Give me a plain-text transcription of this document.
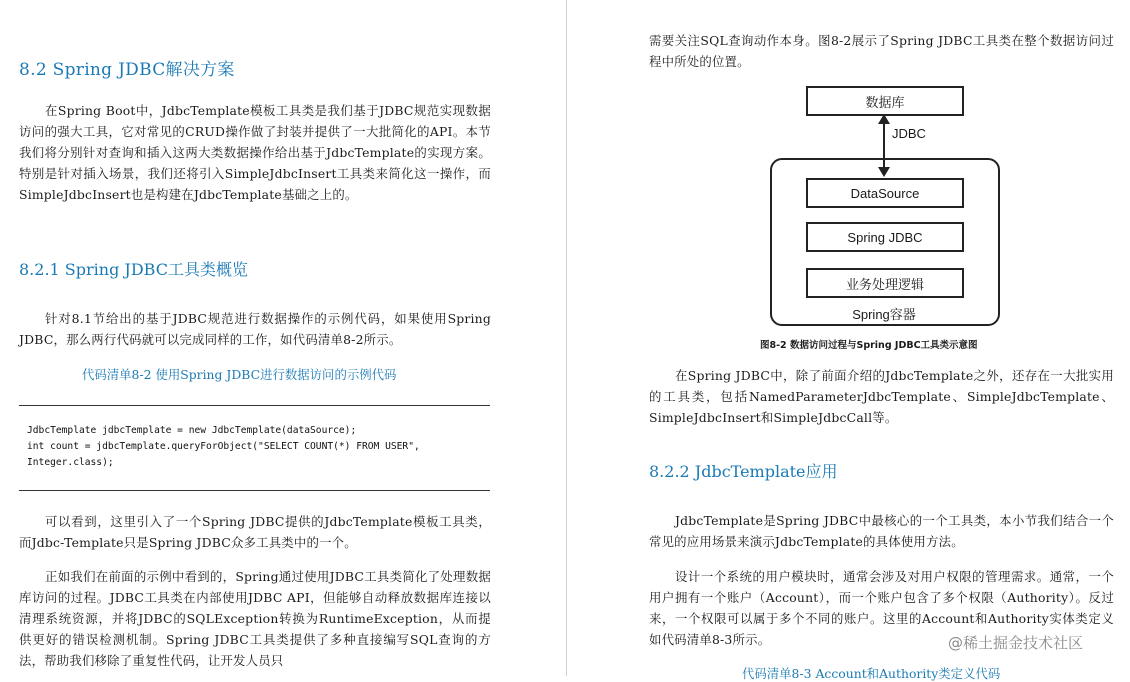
8.2 Spring JDBC解决方案
在Spring Boot中，JdbcTemplate模板工具类是我们基于JDBC规范实现数据访问的强大工具，它对常见的CRUD操作做了封装并提供了一大批简化的API。本节我们将分别针对查询和插入这两大类数据操作给出基于JdbcTemplate的实现方案。特别是针对插入场景，我们还将引入SimpleJdbcInsert工具类来简化这一操作，而SimpleJdbcInsert也是构建在JdbcTemplate基础之上的。
8.2.1 Spring JDBC工具类概览
针对8.1节给出的基于JDBC规范进行数据操作的示例代码，如果使用Spring JDBC，那么两行代码就可以完成同样的工作，如代码清单8-2所示。
代码清单8-2 使用Spring JDBC进行数据访问的示例代码
JdbcTemplate jdbcTemplate = new JdbcTemplate(dataSource);
int count = jdbcTemplate.queryForObject("SELECT COUNT(*) FROM USER",
Integer.class);
可以看到，这里引入了一个Spring JDBC提供的JdbcTemplate模板工具类，而Jdbc-Template只是Spring JDBC众多工具类中的一个。
正如我们在前面的示例中看到的，Spring通过使用JDBC工具类简化了处理数据库访问的过程。JDBC工具类在内部使用JDBC API，但能够自动释放数据库连接以清理系统资源，并将JDBC的SQLException转换为RuntimeException，从而提供更好的错误检测机制。Spring JDBC工具类提供了多种直接编写SQL查询的方法，帮助我们移除了重复性代码，让开发人员只
需要关注SQL查询动作本身。图8-2展示了Spring JDBC工具类在整个数据访问过程中所处的位置。
数据库
JDBC
DataSource
Spring JDBC
业务处理逻辑
Spring容器
图8-2 数据访问过程与Spring JDBC工具类示意图
在Spring JDBC中，除了前面介绍的JdbcTemplate之外，还存在一大批实用的工具类，包括NamedParameterJdbcTemplate、SimpleJdbcTemplate、SimpleJdbcInsert和SimpleJdbcCall等。
8.2.2 JdbcTemplate应用
JdbcTemplate是Spring JDBC中最核心的一个工具类，本小节我们结合一个常见的应用场景来演示JdbcTemplate的具体使用方法。
设计一个系统的用户模块时，通常会涉及对用户权限的管理需求。通常，一个用户拥有一个账户（Account），而一个账户包含了多个权限（Authority）。反过来，一个权限可以属于多个不同的账户。这里的Account和Authority实体类定义如代码清单8-3所示。
代码清单8-3 Account和Authority类定义代码
@稀土掘金技术社区
